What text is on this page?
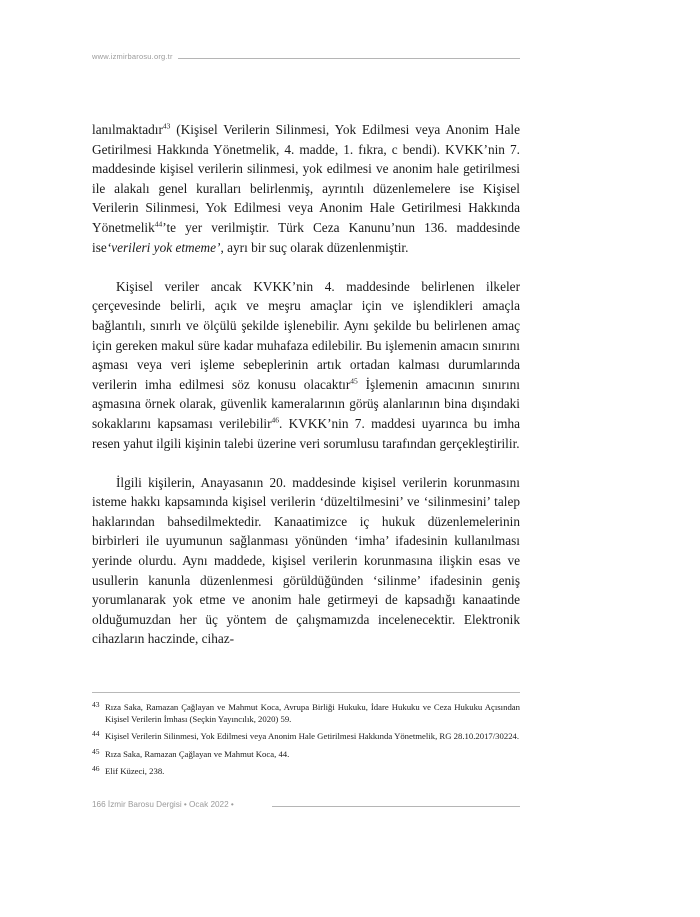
www.izmirbarosu.org.tr

lanılmaktadır$^{43}$ (Kişisel Verilerin Silinmesi, Yok Edilmesi veya Anonim Hale Getirilmesi Hakkında Yönetmelik, 4. madde, 1. fıkra, c bendi). KVKK’nin 7. maddesinde kişisel verilerin silinmesi, yok edilmesi ve anonim hale getirilmesi ile alakalı genel kuralları belirlenmiş, ayrıntılı düzenlemelere ise Kişisel Verilerin Silinmesi, Yok Edilmesi veya Anonim Hale Getirilmesi Hakkında Yönetmelik$^{44}$’te yer verilmiştir. Türk Ceza Kanunu’nun 136. maddesinde ise‘verileri yok etmeme’, ayrı bir suç olarak düzenlenmiştir.

Kişisel veriler ancak KVKK’nin 4. maddesinde belirlenen ilkeler çerçevesinde belirli, açık ve meşru amaçlar için ve işlendikleri amaçla bağlantılı, sınırlı ve ölçülü şekilde işlenebilir. Aynı şekilde bu belirlenen amaç için gereken makul süre kadar muhafaza edilebilir. Bu işlemenin amacın sınırını aşması veya veri işleme sebeplerinin artık ortadan kalması durumlarında verilerin imha edilmesi söz konusu olacaktır$^{45}$ İşlemenin amacının sınırını aşmasına örnek olarak, güvenlik kameralarının görüş alanlarının bina dışındaki sokaklarını kapsaması verilebilir$^{46}$. KVKK’nin 7. maddesi uyarınca bu imha resen yahut ilgili kişinin talebi üzerine veri sorumlusu tarafından gerçekleştirilir.

İlgili kişilerin, Anayasanın 20. maddesinde kişisel verilerin korunmasını isteme hakkı kapsamında kişisel verilerin ‘düzeltilmesini’ ve ‘silinmesini’ talep haklarından bahsedilmektedir. Kanaatimizce iç hukuk düzenlemelerinin birbirleri ile uyumunun sağlanması yönünden ‘imha’ ifadesinin kullanılması yerinde olurdu. Aynı maddede, kişisel verilerin korunmasına ilişkin esas ve usullerin kanunla düzenlenmesi görüldüğünden ‘silinme’ ifadesinin geniş yorumlanarak yok etme ve anonim hale getirmeyi de kapsadığı kanaatinde olduğumuzdan her üç yöntem de çalışmamızda incelenecektir. Elektronik cihazların haczinde, cihaz-

43 Rıza Saka, Ramazan Çağlayan ve Mahmut Koca, Avrupa Birliği Hukuku, İdare Hukuku ve Ceza Hukuku Açısından Kişisel Verilerin İmhası (Seçkin Yayıncılık, 2020) 59.
44 Kişisel Verilerin Silinmesi, Yok Edilmesi veya Anonim Hale Getirilmesi Hakkında Yönetmelik, RG 28.10.2017/30224.
45 Rıza Saka, Ramazan Çağlayan ve Mahmut Koca, 44.
46 Elif Küzeci, 238.
166 İzmir Barosu Dergisi • Ocak 2022 •
